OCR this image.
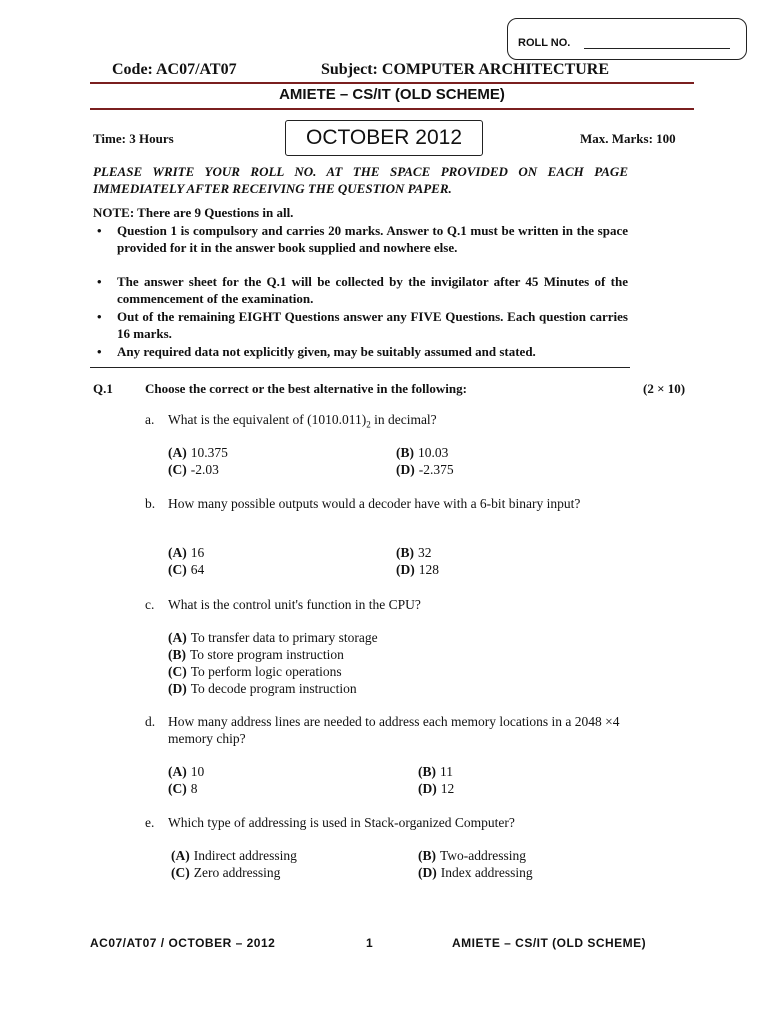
ROLL NO.
Code: AC07/AT07	Subject: COMPUTER ARCHITECTURE
AMIETE – CS/IT (OLD SCHEME)
Time: 3 Hours	OCTOBER 2012	Max. Marks: 100
PLEASE WRITE YOUR ROLL NO. AT THE SPACE PROVIDED ON EACH PAGE IMMEDIATELY AFTER RECEIVING THE QUESTION PAPER.
NOTE: There are 9 Questions in all.
• Question 1 is compulsory and carries 20 marks. Answer to Q.1 must be written in the space provided for it in the answer book supplied and nowhere else.
• The answer sheet for the Q.1 will be collected by the invigilator after 45 Minutes of the commencement of the examination.
• Out of the remaining EIGHT Questions answer any FIVE Questions. Each question carries 16 marks.
• Any required data not explicitly given, may be suitably assumed and stated.
Q.1 Choose the correct or the best alternative in the following:	(2 × 10)
a. What is the equivalent of $(1010.011)_2$ in decimal?
(A) 10.375	(B) 10.03
(C) -2.03	(D) -2.375
b. How many possible outputs would a decoder have with a 6-bit binary input?
(A) 16	(B) 32
(C) 64	(D) 128
c. What is the control unit's function in the CPU?
(A) To transfer data to primary storage
(B) To store program instruction
(C) To perform logic operations
(D) To decode program instruction
d. How many address lines are needed to address each memory locations in a 2048 ×4 memory chip?
(A) 10	(B) 11
(C) 8	(D) 12
e. Which type of addressing is used in Stack-organized Computer?
(A) Indirect addressing	(B) Two-addressing
(C) Zero addressing	(D) Index addressing
AC07/AT07 / OCTOBER – 2012	1	AMIETE – CS/IT (OLD SCHEME)
